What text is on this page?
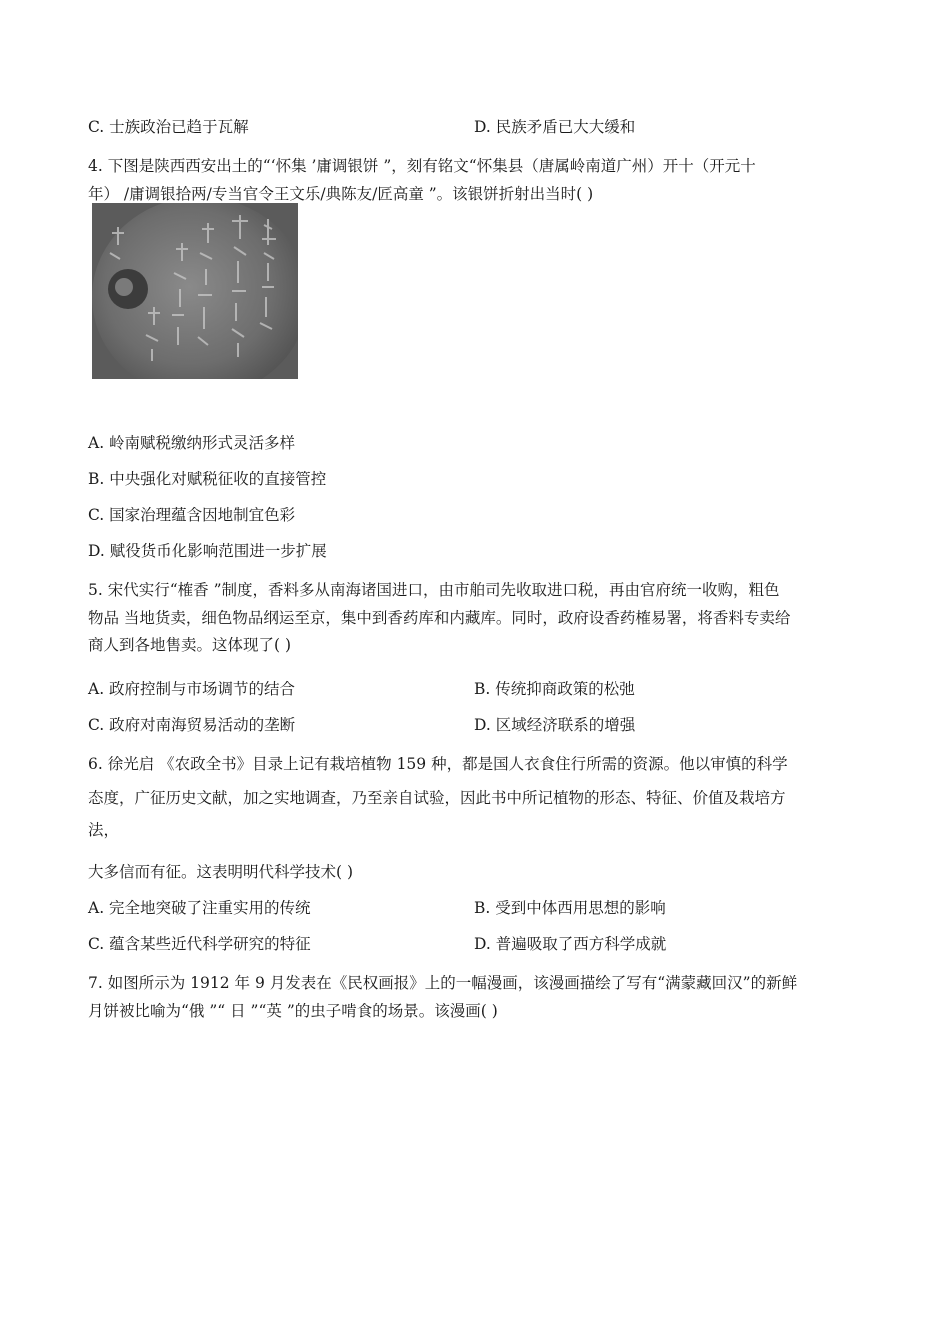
C. 士族政治已趋于瓦解	D. 民族矛盾已大大缓和
4. 下图是陕西西安出土的“‘怀集 ’庸调银饼 ”，刻有铭文“怀集县（唐属岭南道广州）开十（开元十
年） /庸调银拾两/专当官令王文乐/典陈友/匠高童 ”。该银饼折射出当时( )
A. 岭南赋税缴纳形式灵活多样
B. 中央强化对赋税征收的直接管控
C. 国家治理蕴含因地制宜色彩
D. 赋役货币化影响范围进一步扩展
5. 宋代实行“榷香 ”制度，香料多从南海诸国进口，由市舶司先收取进口税，再由官府统一收购，粗色
物品 当地货卖，细色物品纲运至京，集中到香药库和内藏库。同时，政府设香药榷易署，将香料专卖给
商人到各地售卖。这体现了( )
A. 政府控制与市场调节的结合	B. 传统抑商政策的松弛
C. 政府对南海贸易活动的垄断	D. 区域经济联系的增强
6. 徐光启 《农政全书》目录上记有栽培植物 159 种，都是国人衣食住行所需的资源。他以审慎的科学
态度，广征历史文献，加之实地调查，乃至亲自试验，因此书中所记植物的形态、特征、价值及栽培方
法，
大多信而有征。这表明明代科学技术( )
A. 完全地突破了注重实用的传统	B. 受到中体西用思想的影响
C. 蕴含某些近代科学研究的特征	D. 普遍吸取了西方科学成就
7. 如图所示为 1912 年 9 月发表在《民权画报》上的一幅漫画，该漫画描绘了写有“满蒙藏回汉”的新鲜
月饼被比喻为“俄 ”“ 日 ”“英 ”的虫子啃食的场景。该漫画( )
